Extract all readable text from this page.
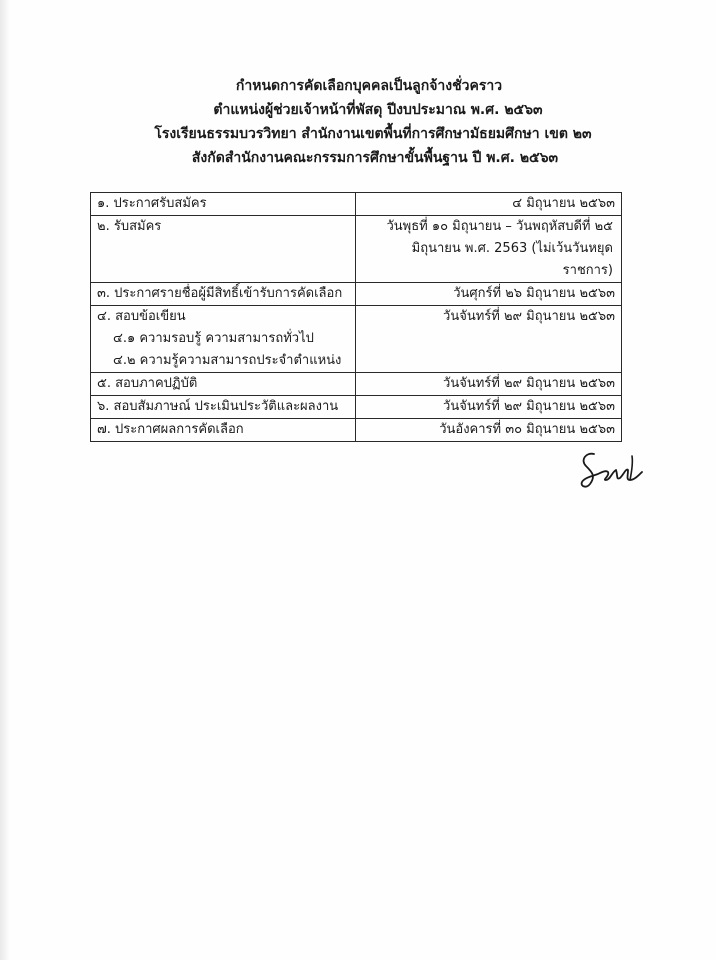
กำหนดการคัดเลือกบุคคลเป็นลูกจ้างชั่วคราว
ตำแหน่งผู้ช่วยเจ้าหน้าที่พัสดุ ปีงบประมาณ พ.ศ. ๒๕๖๓
โรงเรียนธรรมบวรวิทยา สำนักงานเขตพื้นที่การศึกษามัธยมศึกษา เขต ๒๓
สังกัดสำนักงานคณะกรรมการศึกษาขั้นพื้นฐาน ปี พ.ศ. ๒๕๖๓
๑. ประกาศรับสมัคร	๔ มิถุนายน ๒๕๖๓
๒. รับสมัคร	วันพุธที่ ๑๐ มิถุนายน – วันพฤหัสบดีที่ ๒๕
มิถุนายน พ.ศ. 2563 (ไม่เว้นวันหยุดราชการ)

๓. ประกาศรายชื่อผู้มีสิทธิ์เข้ารับการคัดเลือก	วันศุกร์ที่ ๒๖ มิถุนายน ๒๕๖๓

๔. สอบข้อเขียน
๔.๑ ความรอบรู้ ความสามารถทั่วไป
๔.๒ ความรู้ความสามารถประจำตำแหน่ง	วันจันทร์ที่ ๒๙ มิถุนายน ๒๕๖๓
๕. สอบภาคปฏิบัติ	วันจันทร์ที่ ๒๙ มิถุนายน ๒๕๖๓
๖. สอบสัมภาษณ์ ประเมินประวัติและผลงาน	วันจันทร์ที่ ๒๙ มิถุนายน ๒๕๖๓
๗. ประกาศผลการคัดเลือก	วันอังคารที่ ๓๐ มิถุนายน ๒๕๖๓
